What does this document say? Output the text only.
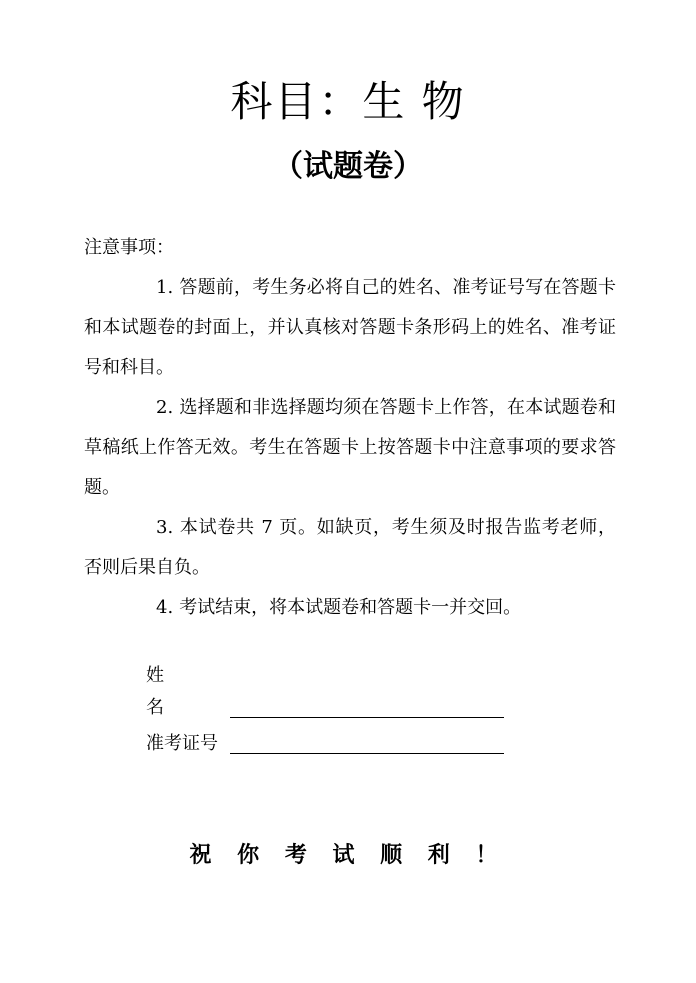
科目：生 物
（试题卷）

注意事项：

1. 答题前，考生务必将自己的姓名、准考证号写在答题卡和本试题卷的封面上，并认真核对答题卡条形码上的姓名、准考证号和科目。

2. 选择题和非选择题均须在答题卡上作答，在本试题卷和草稿纸上作答无效。考生在答题卡上按答题卡中注意事项的要求答题。

3. 本试卷共 7 页。如缺页，考生须及时报告监考老师，否则后果自负。

4. 考试结束，将本试题卷和答题卡一并交回。

姓名
准考证号
祝 你 考 试 顺 利 ！
